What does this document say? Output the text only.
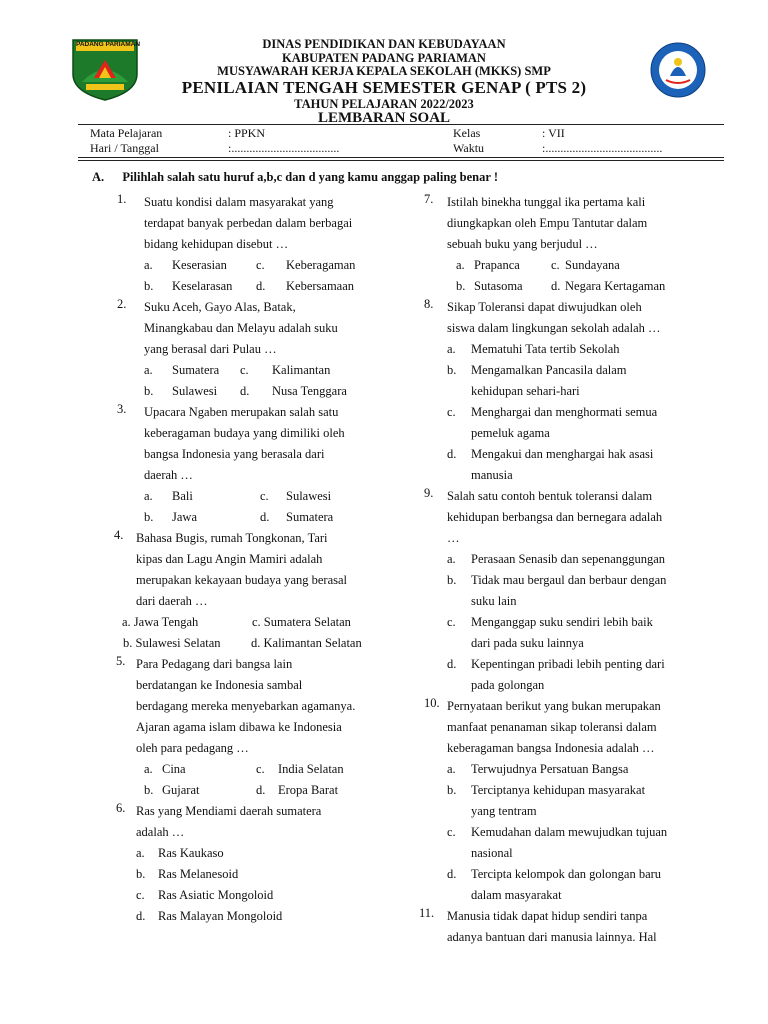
PADANG PARIAMAN	DINAS PENDIDIKAN DAN KEBUDAYAAN
KABUPATEN PADANG PARIAMAN
MUSYAWARAH KERJA KEPALA SEKOLAH (MKKS) SMP
PENILAIAN TENGAH SEMESTER GENAP ( PTS 2)
TAHUN PELAJARAN 2022/2023
LEMBARAN SOAL
Mata Pelajaran	: PPKN	Kelas	: VII
Hari / Tanggal	:....................................	Waktu	:.......................................
A. Pilihlah salah satu huruf a,b,c dan d yang kamu anggap paling benar !
1. Suatu kondisi dalam masyarakat yang
terdapat banyak perbedan dalam berbagai
bidang kehidupan disebut …
a. Keserasian c. Keberagaman
b. Keselarasan d. Kebersamaan
2. Suku Aceh, Gayo Alas, Batak,
Minangkabau dan Melayu adalah suku
yang berasal dari Pulau …
a. Sumatera c. Kalimantan
b. Sulawesi d. Nusa Tenggara
3. Upacara Ngaben merupakan salah satu
keberagaman budaya yang dimiliki oleh
bangsa Indonesia yang berasala dari
daerah …
a. Bali	c. Sulawesi
b. Jawa	d. Sumatera
4. Bahasa Bugis, rumah Tongkonan, Tari
kipas dan Lagu Angin Mamiri adalah
merupakan kekayaan budaya yang berasal
dari daerah …
a. Jawa Tengah	c. Sumatera Selatan
b. Sulawesi Selatan d. Kalimantan Selatan
5. Para Pedagang dari bangsa lain
berdatangan ke Indonesia sambal
berdagang mereka menyebarkan agamanya.
Ajaran agama islam dibawa ke Indonesia
oleh para pedagang …
a. Cina	c. India Selatan
b. Gujarat	d. Eropa Barat
6. Ras yang Mendiami daerah sumatera
adalah …
a. Ras Kaukaso
b. Ras Melanesoid
c. Ras Asiatic Mongoloid
d. Ras Malayan Mongoloid
7. Istilah binekha tunggal ika pertama kali
diungkapkan oleh Empu Tantutar dalam
sebuah buku yang berjudul …
a. Prapanca c. Sundayana
b. Sutasoma d. Negara Kertagaman
8. Sikap Toleransi dapat diwujudkan oleh
siswa dalam lingkungan sekolah adalah …
a. Mematuhi Tata tertib Sekolah
b. Mengamalkan Pancasila dalam
kehidupan sehari-hari
c. Menghargai dan menghormati semua
pemeluk agama
d. Mengakui dan menghargai hak asasi
manusia
9. Salah satu contoh bentuk toleransi dalam
kehidupan berbangsa dan bernegara adalah
…
a. Perasaan Senasib dan sepenanggungan
b. Tidak mau bergaul dan berbaur dengan
suku lain
c. Menganggap suku sendiri lebih baik
dari pada suku lainnya
d. Kepentingan pribadi lebih penting dari
pada golongan
10. Pernyataan berikut yang bukan merupakan
manfaat penanaman sikap toleransi dalam
keberagaman bangsa Indonesia adalah …
a. Terwujudnya Persatuan Bangsa
b. Terciptanya kehidupan masyarakat
yang tentram
c. Kemudahan dalam mewujudkan tujuan
nasional
d. Tercipta kelompok dan golongan baru
dalam masyarakat
11. Manusia tidak dapat hidup sendiri tanpa
adanya bantuan dari manusia lainnya. Hal
